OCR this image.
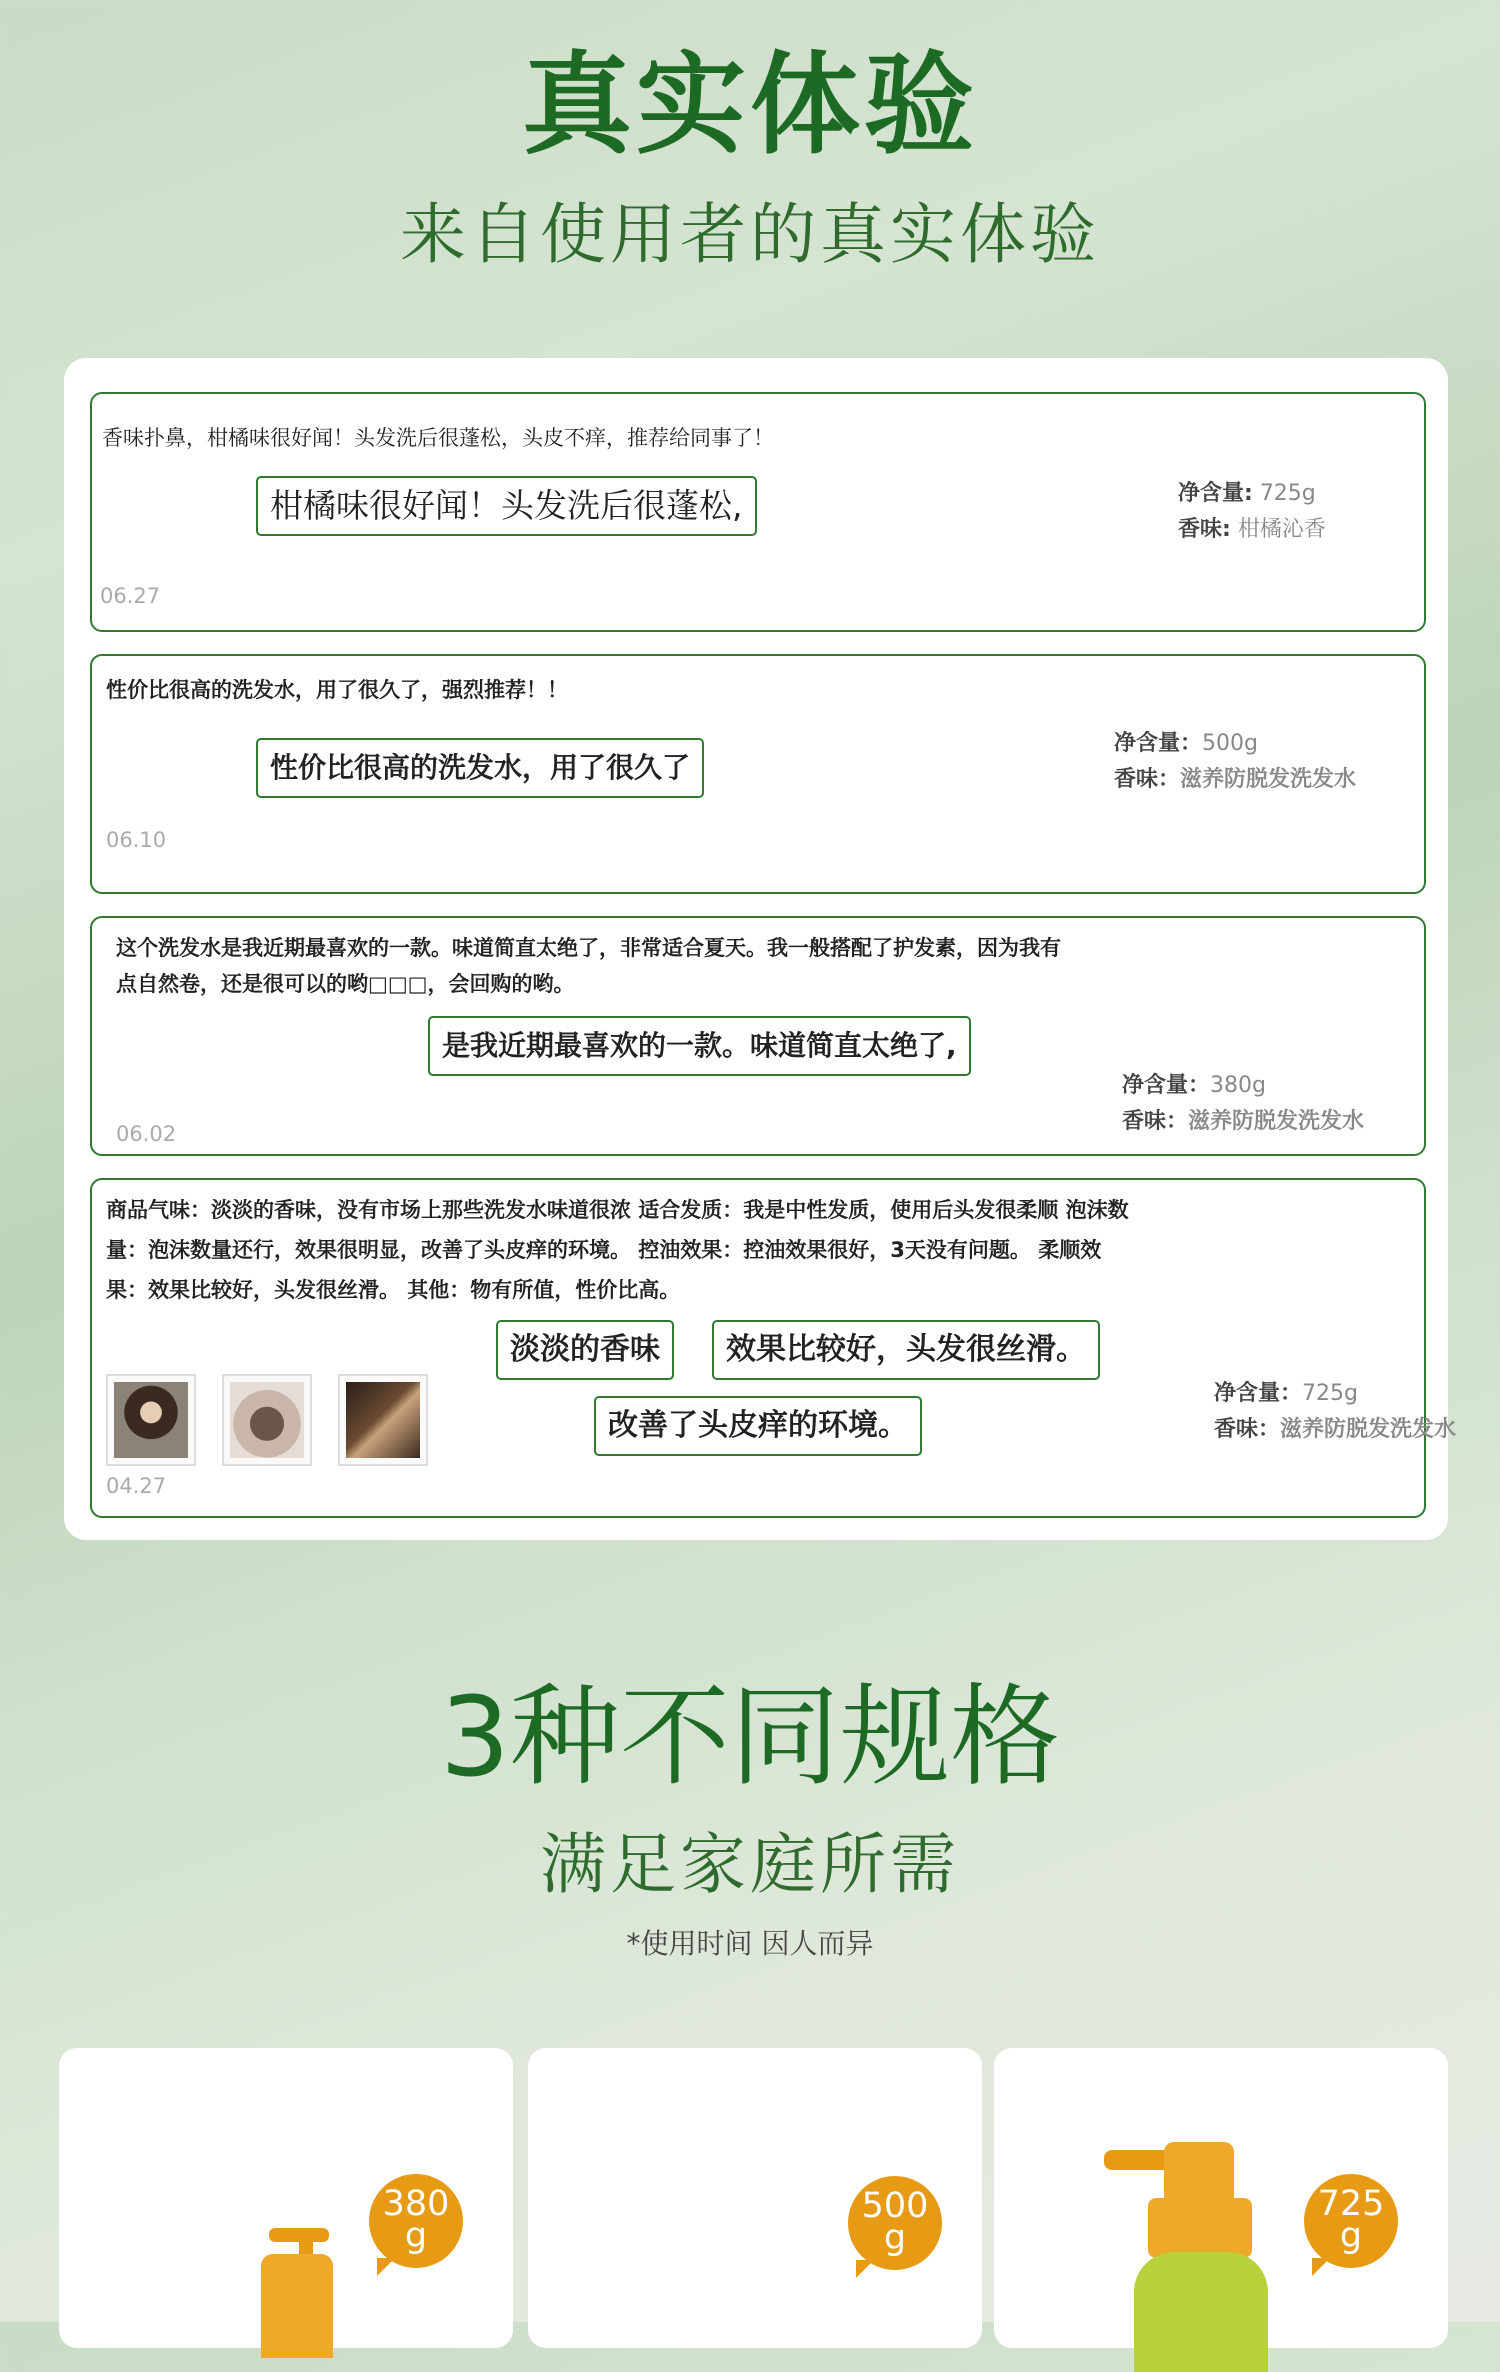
真实体验
来自使用者的真实体验
香味扑鼻，柑橘味很好闻！头发洗后很蓬松，头皮不痒，推荐给同事了！
柑橘味很好闻！头发洗后很蓬松,	净含量: 725g
香味: 柑橘沁香
06.27
性价比很高的洗发水，用了很久了，强烈推荐！！
性价比很高的洗发水，用了很久了
净含量：500g
香味：滋养防脱发洗发水
06.10
这个洗发水是我近期最喜欢的一款。味道简直太绝了，非常适合夏天。我一般搭配了护发素，因为我有点自然卷，还是很可以的哟□□□，会回购的哟。
是我近期最喜欢的一款。味道简直太绝了,
净含量：380g
香味：滋养防脱发洗发水
06.02
商品气味：淡淡的香味，没有市场上那些洗发水味道很浓 适合发质：我是中性发质，使用后头发很柔顺 泡沫数量：泡沫数量还行，效果很明显，改善了头皮痒的环境。 控油效果：控油效果很好，3天没有问题。 柔顺效果：效果比较好，头发很丝滑。 其他：物有所值，性价比高。
淡淡的香味	效果比较好，头发很丝滑。
改善了头皮痒的环境。
净含量：725g
香味：滋养防脱发洗发水
04.27
3种不同规格
满足家庭所需
*使用时间 因人而异
380
g
500
g
725
g
